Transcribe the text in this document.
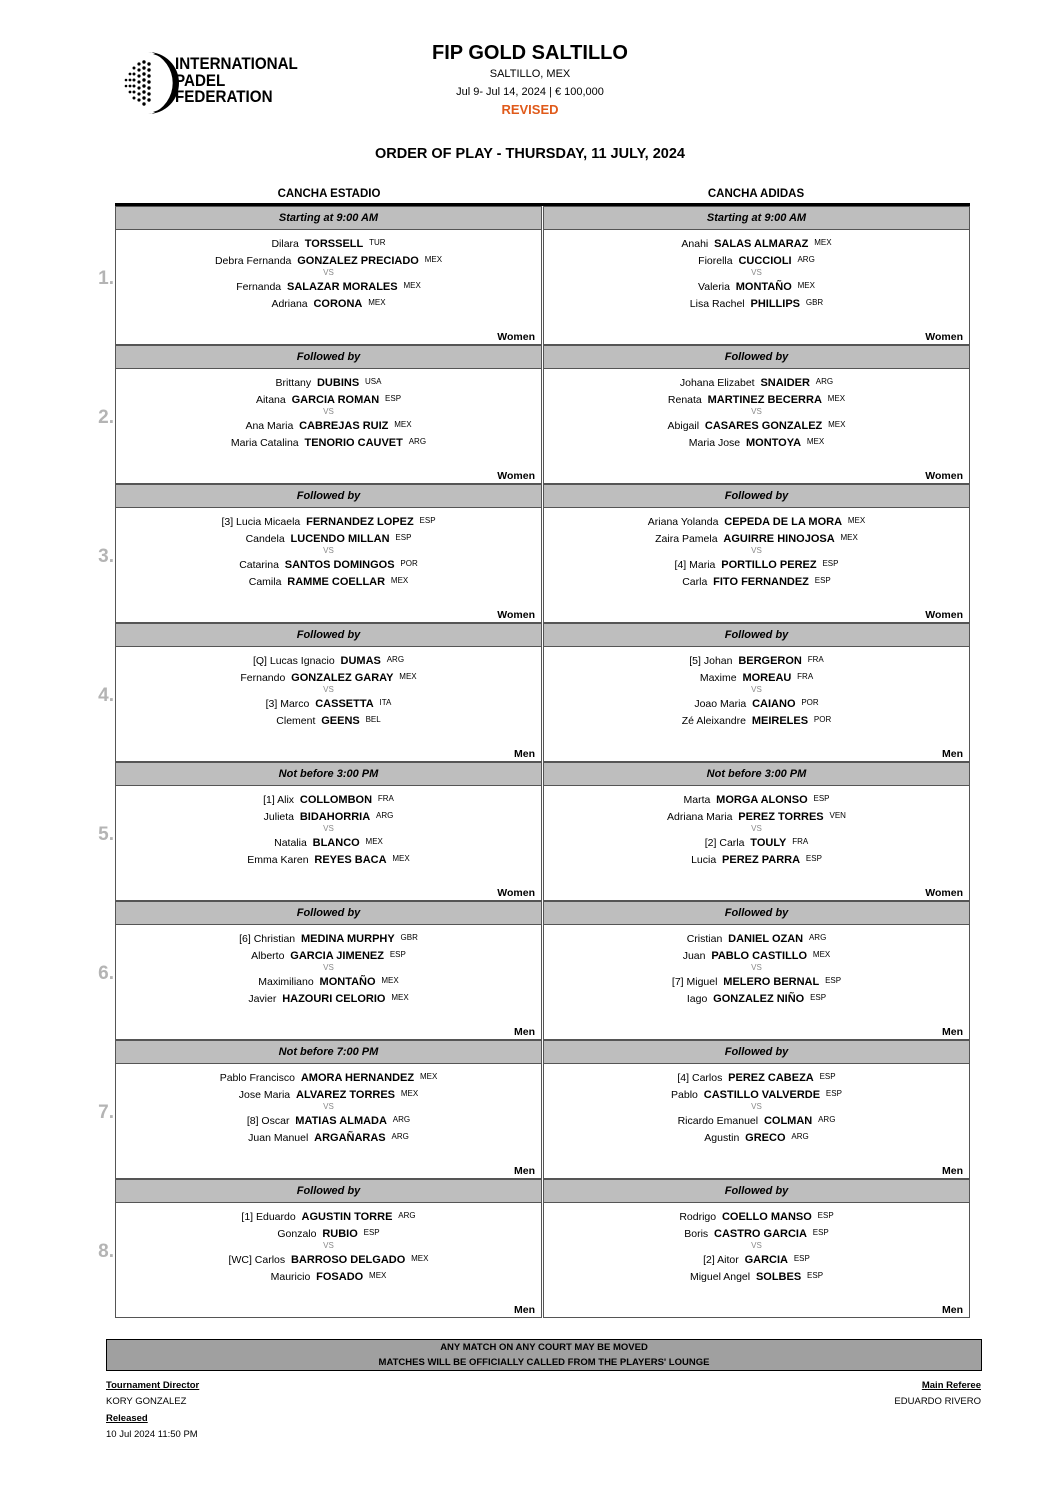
INTERNATIONAL
PADEL
FEDERATION
FIP GOLD SALTILLO
SALTILLO, MEX
Jul 9- Jul 14, 2024 | € 100,000
REVISED
ORDER OF PLAY - THURSDAY, 11 JULY, 2024
CANCHA ESTADIO	CANCHA ADIDAS
Starting at 9:00 AM
Dilara TORSSELL TUR
Debra Fernanda GONZALEZ PRECIADO MEX
Fernanda SALAZAR MORALES MEX
Adriana CORONA MEX
VS
Women
Starting at 9:00 AM
Anahi SALAS ALMARAZ MEX
Fiorella CUCCIOLI ARG
Valeria MONTAÑO MEX
Lisa Rachel PHILLIPS GBR
VS
Women
Followed by
Brittany DUBINS USA
Aitana GARCIA ROMAN ESP
Ana Maria CABREJAS RUIZ MEX
Maria Catalina TENORIO CAUVET ARG
VS
Women
Followed by
Johana Elizabet SNAIDER ARG
Renata MARTINEZ BECERRA MEX
Abigail CASARES GONZALEZ MEX
Maria Jose MONTOYA MEX
VS
Women
Followed by
[3] Lucia Micaela FERNANDEZ LOPEZ ESP
Candela LUCENDO MILLAN ESP
Catarina SANTOS DOMINGOS POR
Camila RAMME COELLAR MEX
VS
Women
Followed by
Ariana Yolanda CEPEDA DE LA MORA MEX
Zaira Pamela AGUIRRE HINOJOSA MEX
[4] Maria PORTILLO PEREZ ESP
Carla FITO FERNANDEZ ESP
VS
Women
Followed by
[Q] Lucas Ignacio DUMAS ARG
Fernando GONZALEZ GARAY MEX
[3] Marco CASSETTA ITA
Clement GEENS BEL
VS
Men
Followed by
[5] Johan BERGERON FRA
Maxime MOREAU FRA
Joao Maria CAIANO POR
Zé Aleixandre MEIRELES POR
VS
Men
Not before 3:00 PM
[1] Alix COLLOMBON FRA
Julieta BIDAHORRIA ARG
Natalia BLANCO MEX
Emma Karen REYES BACA MEX
VS
Women
Not before 3:00 PM
Marta MORGA ALONSO ESP
Adriana Maria PEREZ TORRES VEN
[2] Carla TOULY FRA
Lucia PEREZ PARRA ESP
VS
Women
Followed by
[6] Christian MEDINA MURPHY GBR
Alberto GARCIA JIMENEZ ESP
Maximiliano MONTAÑO MEX
Javier HAZOURI CELORIO MEX
VS
Men
Followed by
Cristian DANIEL OZAN ARG
Juan PABLO CASTILLO MEX
[7] Miguel MELERO BERNAL ESP
Iago GONZALEZ NIÑO ESP
VS
Men
Not before 7:00 PM
Pablo Francisco AMORA HERNANDEZ MEX
Jose Maria ALVAREZ TORRES MEX
[8] Oscar MATIAS ALMADA ARG
Juan Manuel ARGAÑARAS ARG
VS
Men
Followed by
[4] Carlos PEREZ CABEZA ESP
Pablo CASTILLO VALVERDE ESP
Ricardo Emanuel COLMAN ARG
Agustin GRECO ARG
VS
Men
Followed by
[1] Eduardo AGUSTIN TORRE ARG
Gonzalo RUBIO ESP
[WC] Carlos BARROSO DELGADO MEX
Mauricio FOSADO MEX
VS
Men
Followed by
Rodrigo COELLO MANSO ESP
Boris CASTRO GARCIA ESP
[2] Aitor GARCIA ESP
Miguel Angel SOLBES ESP
VS
Men
1.
2.
3.
4.
5.
6.
7.
8.
ANY MATCH ON ANY COURT MAY BE MOVED
MATCHES WILL BE OFFICIALLY CALLED FROM THE PLAYERS' LOUNGE
Tournament Director
KORY GONZALEZ
Released
10 Jul 2024 11:50 PM
Main Referee
EDUARDO RIVERO
